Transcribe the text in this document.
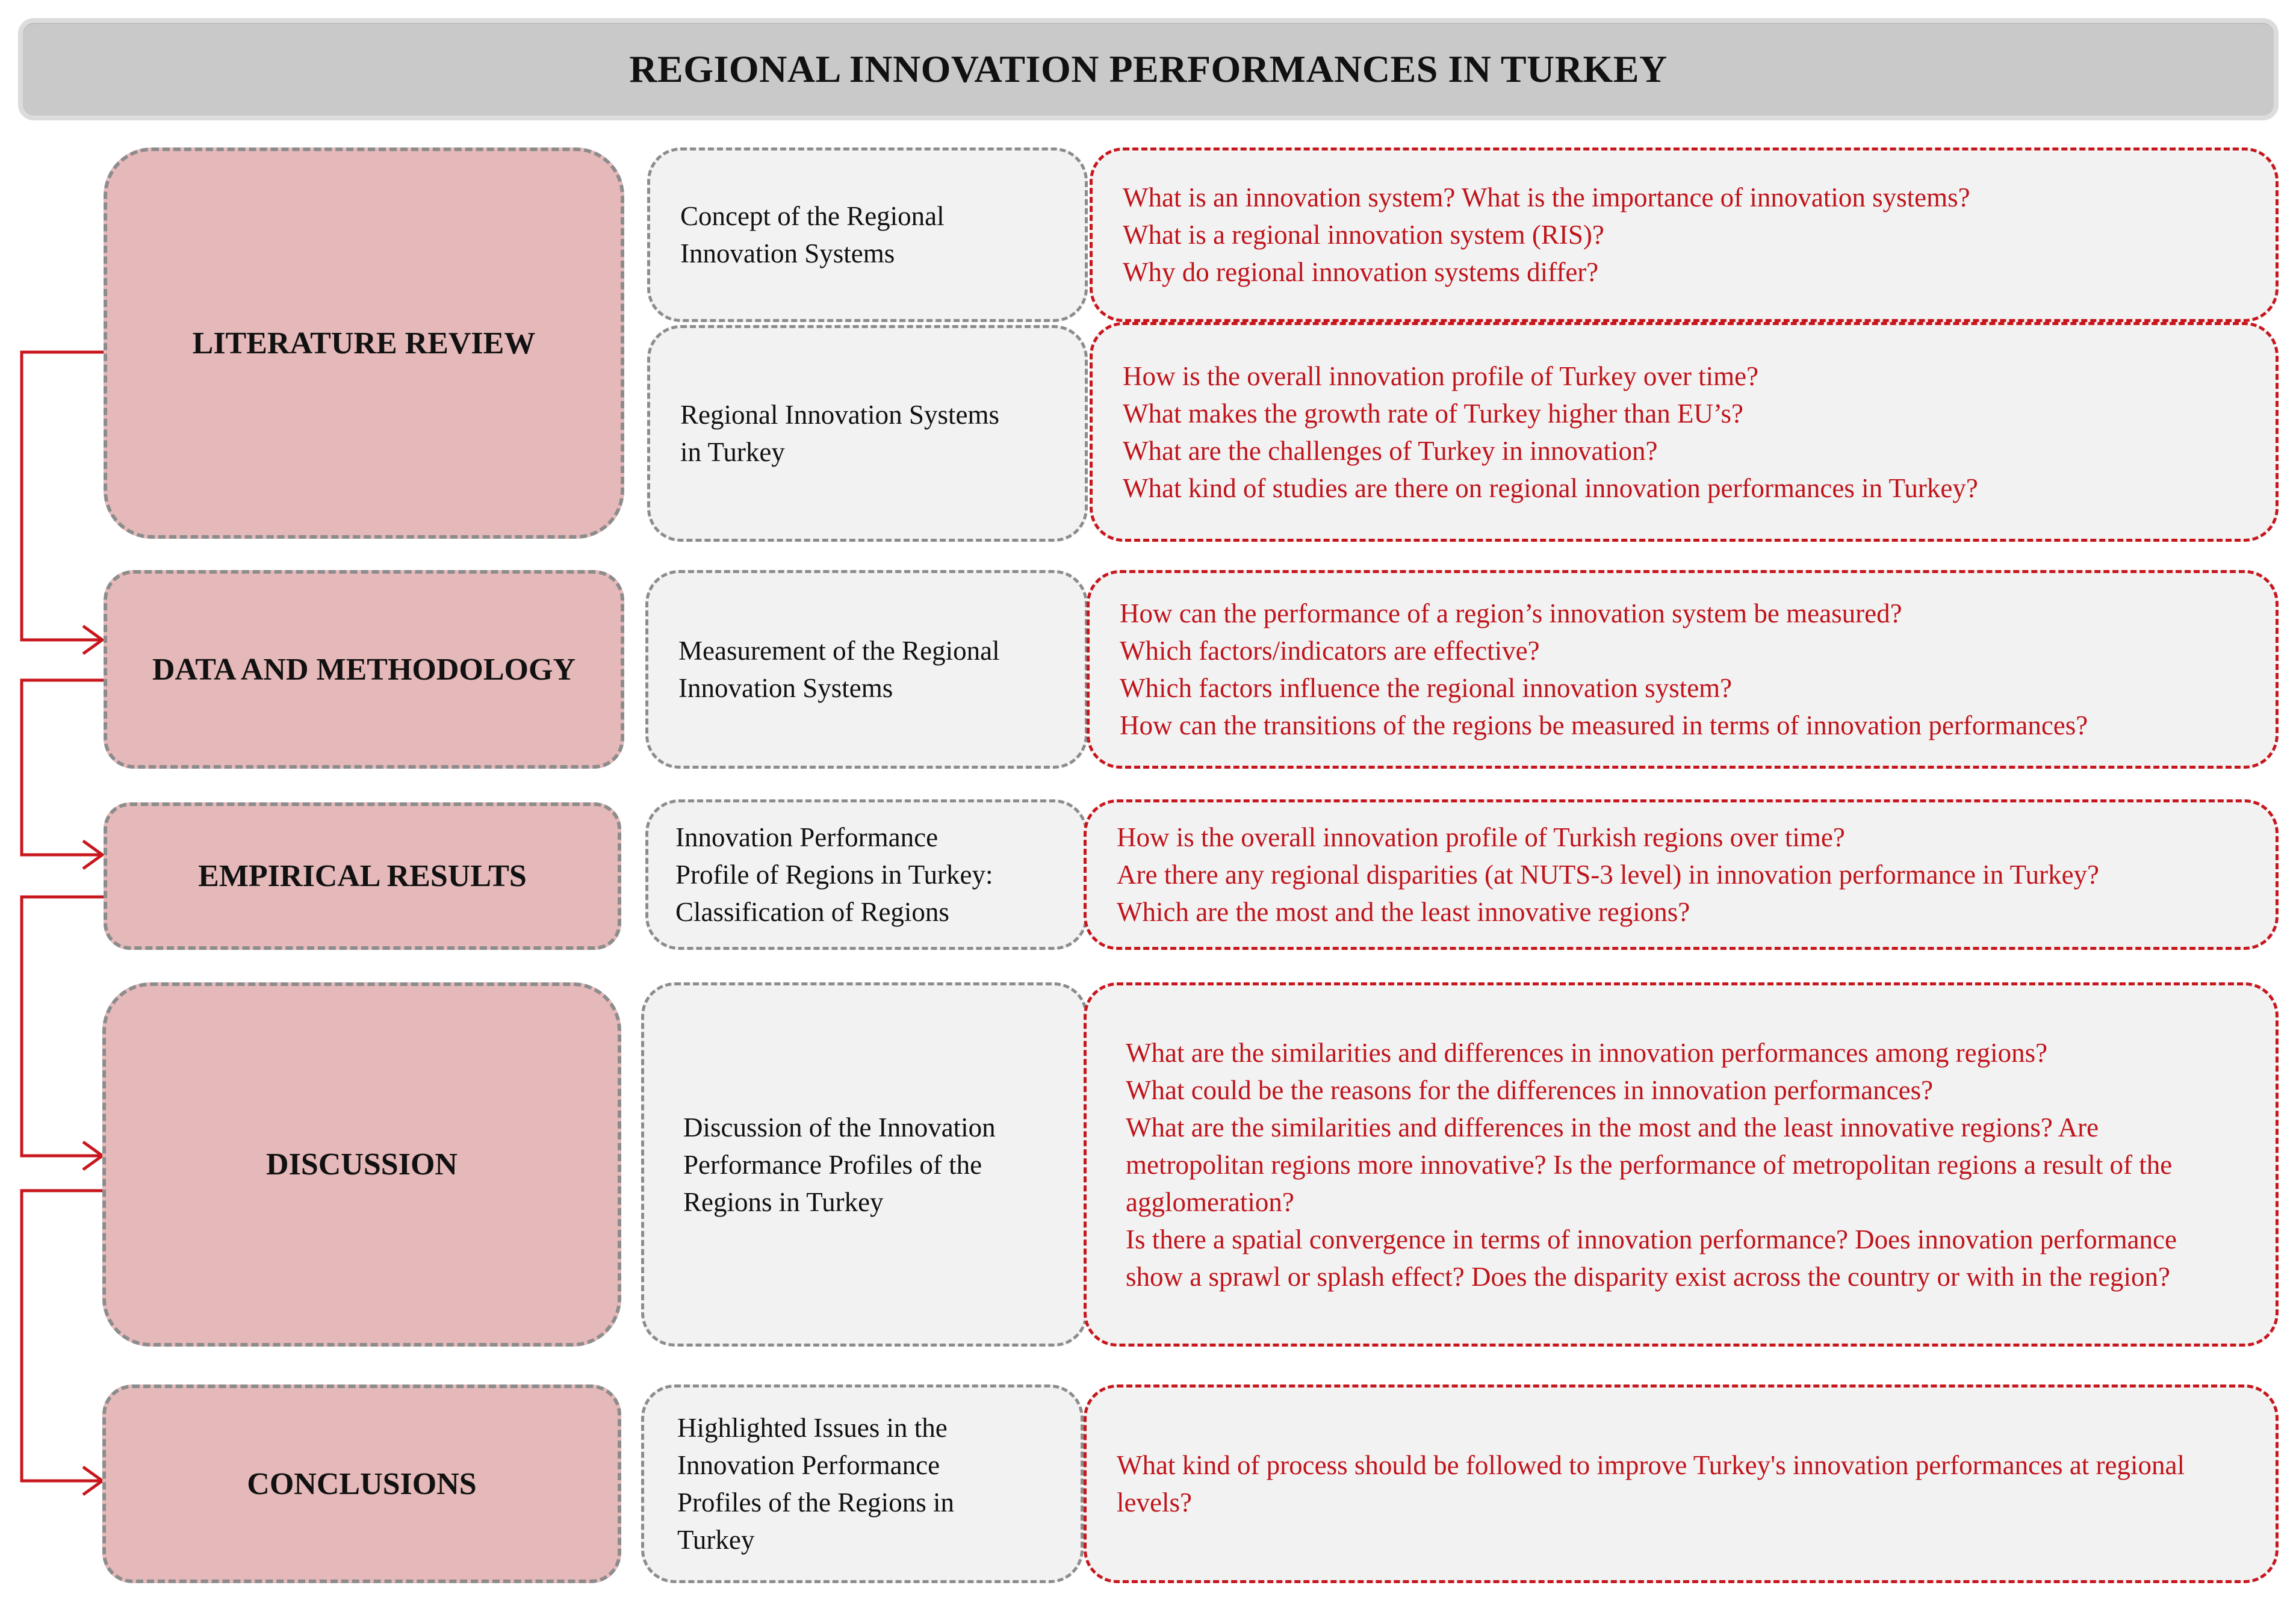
REGIONAL INNOVATION PERFORMANCES IN TURKEY
LITERATURE REVIEW
DATA AND METHODOLOGY
EMPIRICAL RESULTS
DISCUSSION
CONCLUSIONS
Concept of the Regional
Innovation Systems
Regional Innovation Systems
in Turkey
Measurement of the Regional
Innovation Systems
Innovation Performance
Profile of Regions in Turkey:
Classification of Regions
Discussion of the Innovation
Performance Profiles of the
Regions in Turkey
Highlighted Issues in the
Innovation Performance
Profiles of the Regions in
Turkey
What is an innovation system? What is the importance of innovation systems?
What is a regional innovation system (RIS)?
Why do regional innovation systems differ?
How is the overall innovation profile of Turkey over time?
What makes the growth rate of Turkey higher than EU’s?
What are the challenges of Turkey in innovation?
What kind of studies are there on regional innovation performances in Turkey?
How can the performance of a region’s innovation system be measured?
Which factors/indicators are effective?
Which factors influence the regional innovation system?
How can the transitions of the regions be measured in terms of innovation performances?
How is the overall innovation profile of Turkish regions over time?
Are there any regional disparities (at NUTS-3 level) in innovation performance in Turkey?
Which are the most and the least innovative regions?
What are the similarities and differences in innovation performances among regions?
What could be the reasons for the differences in innovation performances?
What are the similarities and differences in the most and the least innovative regions? Are metropolitan regions more innovative? Is the performance of metropolitan regions a result of the agglomeration?
Is there a spatial convergence in terms of innovation performance? Does innovation performance show a sprawl or splash effect? Does the disparity exist across the country or with in the region?
What kind of process should be followed to improve Turkey's innovation performances at regional levels?
